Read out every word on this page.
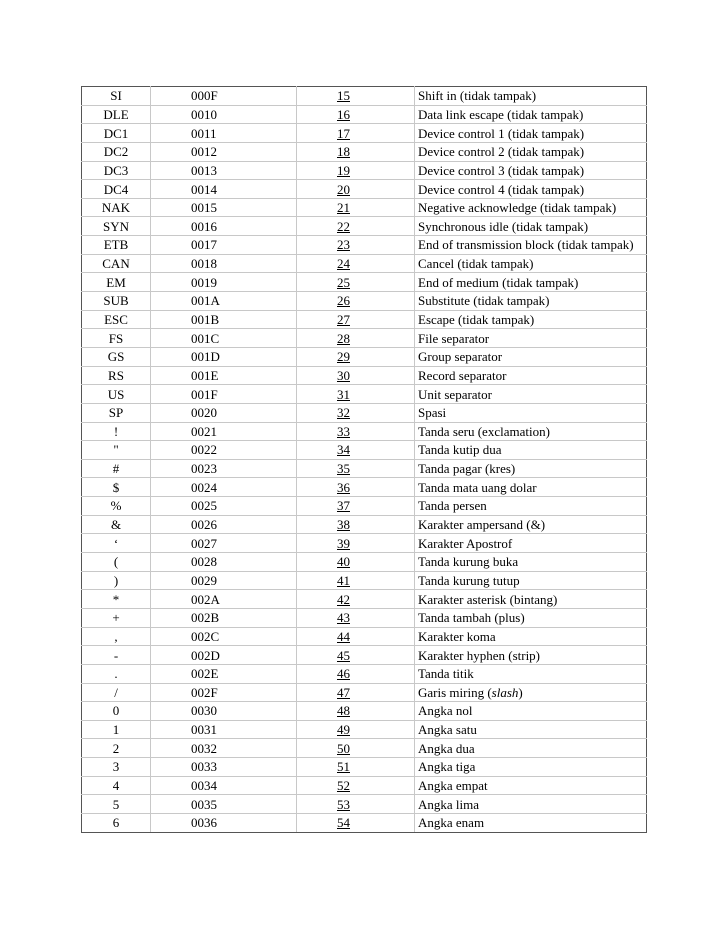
SI	000F	15	Shift in (tidak tampak)
DLE	0010	16	Data link escape (tidak tampak)
DC1	0011	17	Device control 1 (tidak tampak)
DC2	0012	18	Device control 2 (tidak tampak)
DC3	0013	19	Device control 3 (tidak tampak)
DC4	0014	20	Device control 4 (tidak tampak)
NAK	0015	21	Negative acknowledge (tidak tampak)
SYN	0016	22	Synchronous idle (tidak tampak)
ETB	0017	23	End of transmission block (tidak tampak)
CAN	0018	24	Cancel (tidak tampak)
EM	0019	25	End of medium (tidak tampak)
SUB	001A	26	Substitute (tidak tampak)
ESC	001B	27	Escape (tidak tampak)
FS	001C	28	File separator
GS	001D	29	Group separator
RS	001E	30	Record separator
US	001F	31	Unit separator
SP	0020	32	Spasi
!	0021	33	Tanda seru (exclamation)
"	0022	34	Tanda kutip dua
#	0023	35	Tanda pagar (kres)
$	0024	36	Tanda mata uang dolar
%	0025	37	Tanda persen
&	0026	38	Karakter ampersand (&)
‘	0027	39	Karakter Apostrof
(	0028	40	Tanda kurung buka
)	0029	41	Tanda kurung tutup
*	002A	42	Karakter asterisk (bintang)
+	002B	43	Tanda tambah (plus)
,	002C	44	Karakter koma
-	002D	45	Karakter hyphen (strip)
.	002E	46	Tanda titik
/	002F	47	Garis miring (slash)
0	0030	48	Angka nol
1	0031	49	Angka satu
2	0032	50	Angka dua
3	0033	51	Angka tiga
4	0034	52	Angka empat
5	0035	53	Angka lima
6	0036	54	Angka enam
